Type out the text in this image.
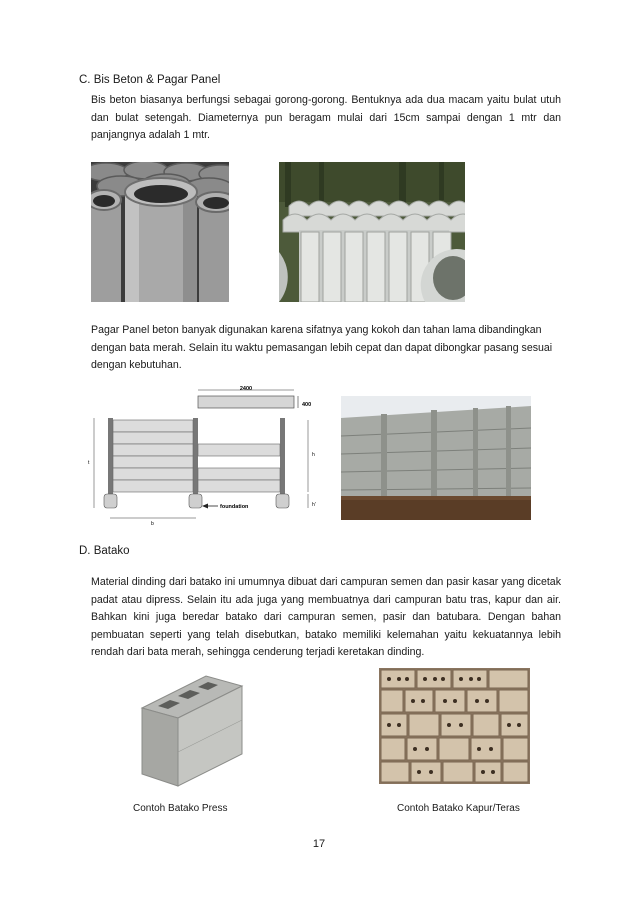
C. Bis Beton & Pagar Panel

Bis beton biasanya berfungsi sebagai gorong-gorong. Bentuknya ada dua macam yaitu bulat utuh dan bulat setengah. Diameternya pun beragam mulai dari 15cm sampai dengan 1 mtr dan panjangnya adalah 1 mtr.

Pagar Panel beton banyak digunakan karena sifatnya yang kokoh dan tahan lama dibandingkan dengan bata merah. Selain itu waktu pemasangan lebih cepat dan dapat dibongkar pasang sesuai dengan kebutuhan.

2400
400
t
h
h'
b
foundation
D. Batako

Material dinding dari batako ini umumnya dibuat dari campuran semen dan pasir kasar yang dicetak padat atau dipress. Selain itu ada juga yang membuatnya dari campuran batu tras, kapur dan air. Bahkan kini juga beredar batako dari campuran semen, pasir dan batubara. Dengan bahan pembuatan seperti yang telah disebutkan, batako memiliki kelemahan yaitu kekuatannya lebih rendah dari bata merah, sehingga cenderung terjadi keretakan dinding.

Contoh Batako Press	Contoh Batako Kapur/Teras
17
